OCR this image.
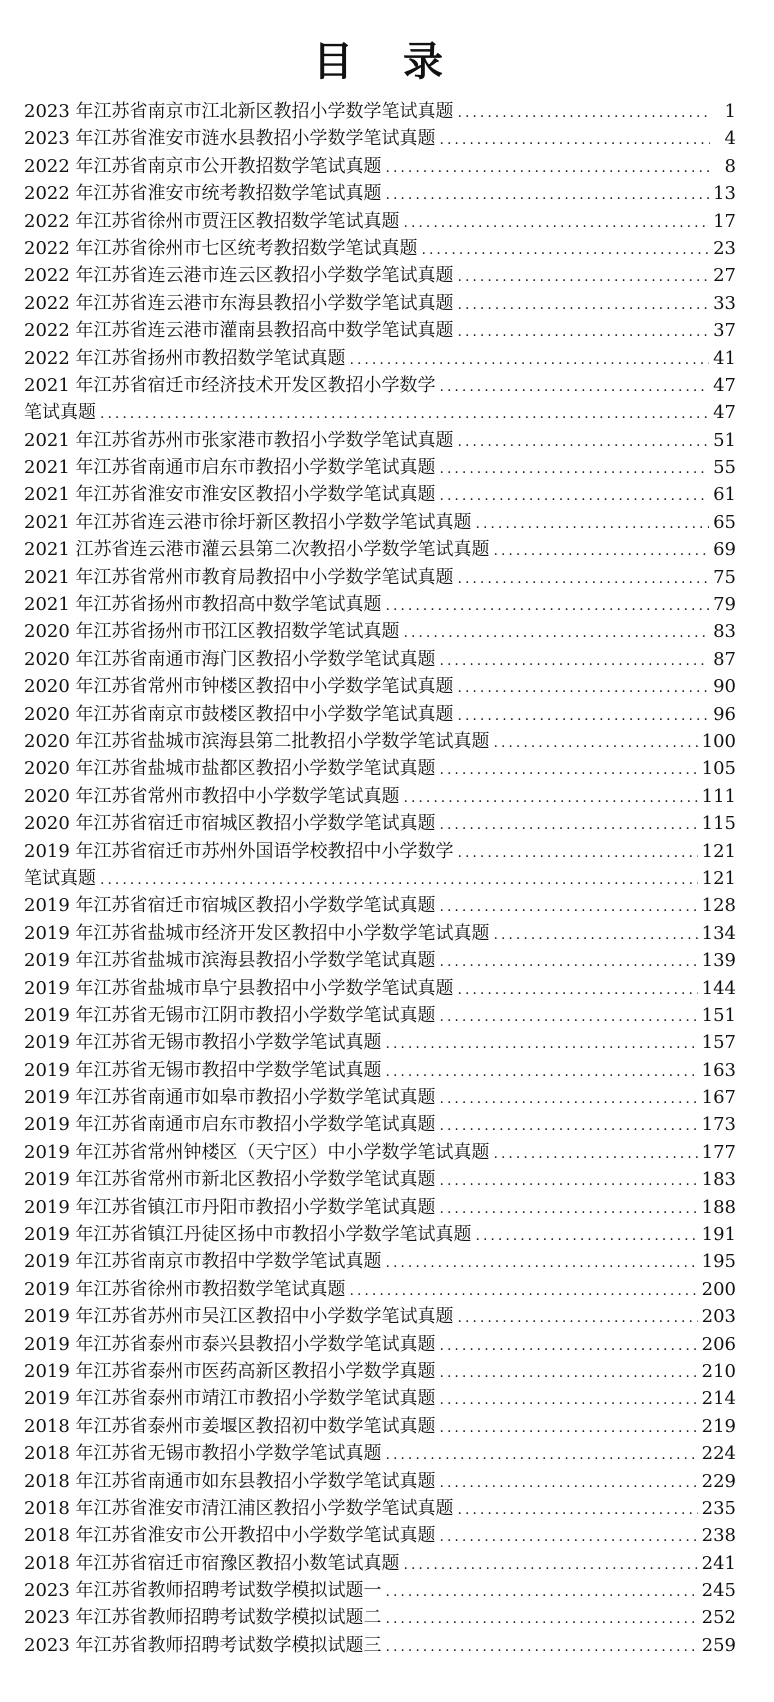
目 录
2023 年江苏省南京市江北新区教招小学数学笔试真题 .....	1
2023 年江苏省淮安市涟水县教招小学数学笔试真题 .....	4
2022 年江苏省南京市公开教招数学笔试真题 .....	8
2022 年江苏省淮安市统考教招数学笔试真题 .....	13
2022 年江苏省徐州市贾汪区教招数学笔试真题 .....	17
2022 年江苏省徐州市七区统考教招数学笔试真题 .....	23
2022 年江苏省连云港市连云区教招小学数学笔试真题 .....	27
2022 年江苏省连云港市东海县教招小学数学笔试真题 .....	33
2022 年江苏省连云港市灌南县教招高中数学笔试真题 .....	37
2022 年江苏省扬州市教招数学笔试真题 .....	41
2021 年江苏省宿迁市经济技术开发区教招小学数学 .....	47
笔试真题 .....	47
2021 年江苏省苏州市张家港市教招小学数学笔试真题 .....	51
2021 年江苏省南通市启东市教招小学数学笔试真题 .....	55
2021 年江苏省淮安市淮安区教招小学数学笔试真题 .....	61
2021 年江苏省连云港市徐圩新区教招小学数学笔试真题 .....	65
2021 江苏省连云港市灌云县第二次教招小学数学笔试真题 .....	69
2021 年江苏省常州市教育局教招中小学数学笔试真题 .....	75
2021 年江苏省扬州市教招高中数学笔试真题 .....	79
2020 年江苏省扬州市邗江区教招数学笔试真题 .....	83
2020 年江苏省南通市海门区教招小学数学笔试真题 .....	87
2020 年江苏省常州市钟楼区教招中小学数学笔试真题 .....	90
2020 年江苏省南京市鼓楼区教招中小学数学笔试真题 .....	96
2020 年江苏省盐城市滨海县第二批教招小学数学笔试真题 .....	100
2020 年江苏省盐城市盐都区教招小学数学笔试真题 .....	105
2020 年江苏省常州市教招中小学数学笔试真题 .....	111
2020 年江苏省宿迁市宿城区教招小学数学笔试真题 .....	115
2019 年江苏省宿迁市苏州外国语学校教招中小学数学 .....	121
笔试真题 .....	121
2019 年江苏省宿迁市宿城区教招小学数学笔试真题 .....	128
2019 年江苏省盐城市经济开发区教招中小学数学笔试真题 .....	134
2019 年江苏省盐城市滨海县教招小学数学笔试真题 .....	139
2019 年江苏省盐城市阜宁县教招中小学数学笔试真题 .....	144
2019 年江苏省无锡市江阴市教招小学数学笔试真题 .....	151
2019 年江苏省无锡市教招小学数学笔试真题 .....	157
2019 年江苏省无锡市教招中学数学笔试真题 .....	163
2019 年江苏省南通市如皋市教招小学数学笔试真题 .....	167
2019 年江苏省南通市启东市教招小学数学笔试真题 .....	173
2019 年江苏省常州钟楼区（天宁区）中小学数学笔试真题 .....	177
2019 年江苏省常州市新北区教招小学数学笔试真题 .....	183
2019 年江苏省镇江市丹阳市教招小学数学笔试真题 .....	188
2019 年江苏省镇江丹徒区扬中市教招小学数学笔试真题 .....	191
2019 年江苏省南京市教招中学数学笔试真题 .....	195
2019 年江苏省徐州市教招数学笔试真题 .....	200
2019 年江苏省苏州市吴江区教招中小学数学笔试真题 .....	203
2019 年江苏省泰州市泰兴县教招小学数学笔试真题 .....	206
2019 年江苏省泰州市医药高新区教招小学数学真题 .....	210
2019 年江苏省泰州市靖江市教招小学数学笔试真题 .....	214
2018 年江苏省泰州市姜堰区教招初中数学笔试真题 .....	219
2018 年江苏省无锡市教招小学数学笔试真题 .....	224
2018 年江苏省南通市如东县教招小学数学笔试真题 .....	229
2018 年江苏省淮安市清江浦区教招小学数学笔试真题 .....	235
2018 年江苏省淮安市公开教招中小学数学笔试真题 .....	238
2018 年江苏省宿迁市宿豫区教招小数笔试真题 .....	241
2023 年江苏省教师招聘考试数学模拟试题一 .....	245
2023 年江苏省教师招聘考试数学模拟试题二 .....	252
2023 年江苏省教师招聘考试数学模拟试题三 .....	259
